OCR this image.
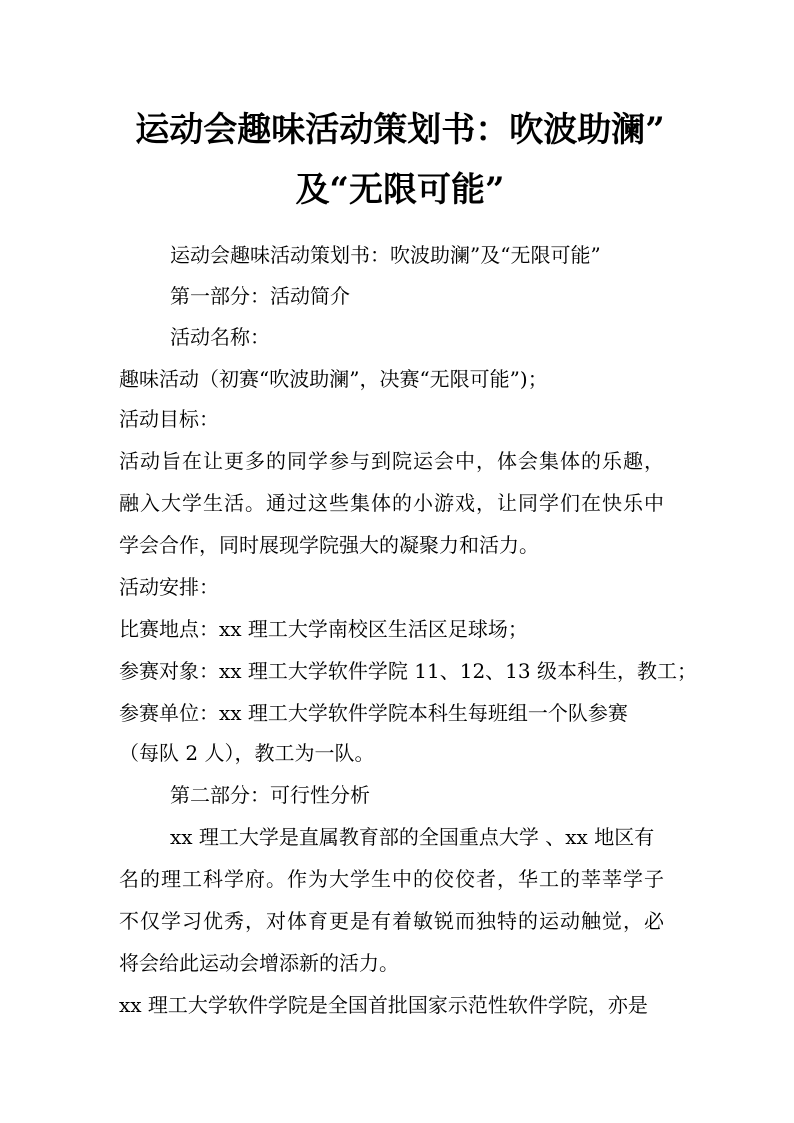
运动会趣味活动策划书：吹波助澜”
及“无限可能”
运动会趣味活动策划书：吹波助澜”及“无限可能”
第一部分：活动简介
活动名称：
趣味活动（初赛“吹波助澜”，决赛“无限可能”)；
活动目标：
活动旨在让更多的同学参与到院运会中，体会集体的乐趣，
融入大学生活。通过这些集体的小游戏，让同学们在快乐中
学会合作，同时展现学院强大的凝聚力和活力。
活动安排：
比赛地点：xx 理工大学南校区生活区足球场；
参赛对象：xx 理工大学软件学院 11、12、13 级本科生，教工；
参赛单位：xx 理工大学软件学院本科生每班组一个队参赛
（每队 2 人），教工为一队。
第二部分：可行性分析
xx 理工大学是直属教育部的全国重点大学 、xx 地区有
名的理工科学府。作为大学生中的佼佼者，华工的莘莘学子
不仅学习优秀，对体育更是有着敏锐而独特的运动触觉，必
将会给此运动会增添新的活力。
xx 理工大学软件学院是全国首批国家示范性软件学院，亦是
